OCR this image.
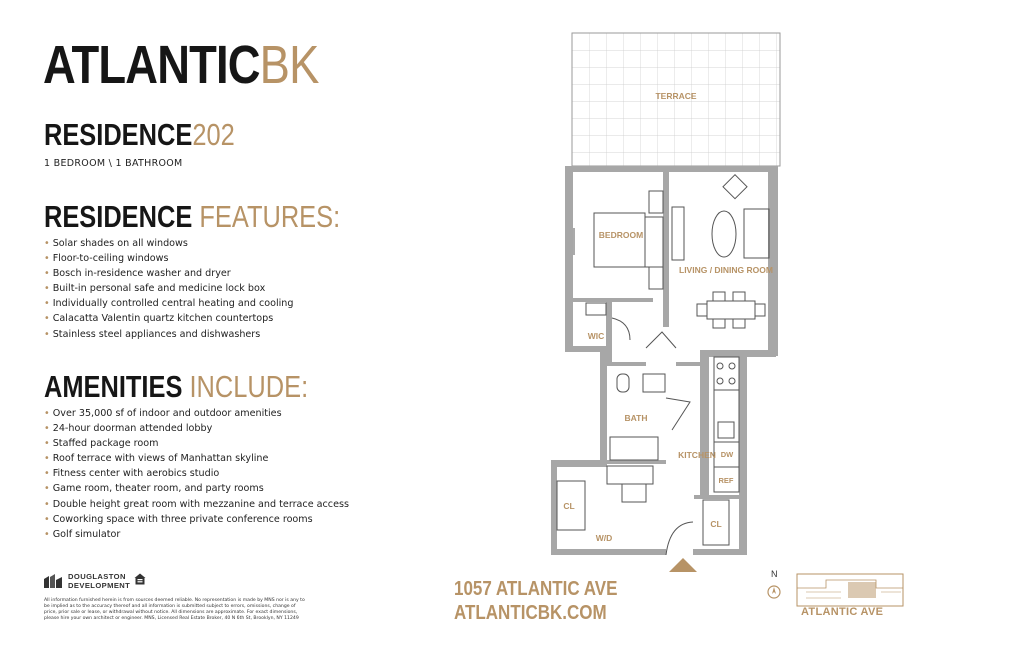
ATLANTICBK
RESIDENCE202
1 BEDROOM \ 1 BATHROOM
RESIDENCE FEATURES:
• Solar shades on all windows
• Floor-to-ceiling windows
• Bosch in-residence washer and dryer
• Built-in personal safe and medicine lock box
• Individually controlled central heating and cooling
• Calacatta Valentin quartz kitchen countertops
• Stainless steel appliances and dishwashers
AMENITIES INCLUDE:
• Over 35,000 sf of indoor and outdoor amenities
• 24-hour doorman attended lobby
• Staffed package room
• Roof terrace with views of Manhattan skyline
• Fitness center with aerobics studio
• Game room, theater room, and party rooms
• Double height great room with mezzanine and terrace access
• Coworking space with three private conference rooms
• Golf simulator
DOUGLASTON
DEVELOPMENT
All information furnished herein is from sources deemed reliable. No representation is made by MNS nor is any to be implied as to the accuracy thereof and all information is submitted subject to errors, omissions, change of price, prior sale or lease, or withdrawal without notice. All dimensions are approximate. For exact dimensions, please hire your own architect or engineer. MNS, Licensed Real Estate Broker, 40 N 6th St, Brooklyn, NY 11249
1057 ATLANTIC AVE
ATLANTICBK.COM
TERRACE
BEDROOM
LIVING / DINING ROOM
WIC
BATH
KITCHEN DW
REF
CL
CL
W/D
N
ATLANTIC AVE
